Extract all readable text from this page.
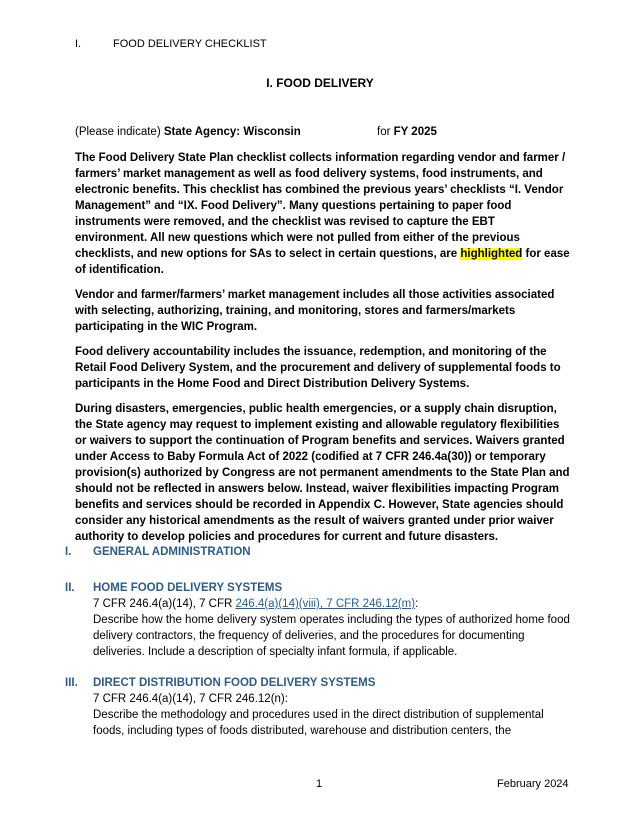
I.	FOOD DELIVERY CHECKLIST
I. FOOD DELIVERY
(Please indicate) State Agency: Wisconsin	for FY 2025

The Food Delivery State Plan checklist collects information regarding vendor and farmer / farmers’ market management as well as food delivery systems, food instruments, and electronic benefits. This checklist has combined the previous years’ checklists “I. Vendor Management” and “IX. Food Delivery”. Many questions pertaining to paper food instruments were removed, and the checklist was revised to capture the EBT environment. All new questions which were not pulled from either of the previous checklists, and new options for SAs to select in certain questions, are highlighted for ease of identification.

Vendor and farmer/farmers’ market management includes all those activities associated with selecting, authorizing, training, and monitoring, stores and farmers/markets participating in the WIC Program.

Food delivery accountability includes the issuance, redemption, and monitoring of the Retail Food Delivery System, and the procurement and delivery of supplemental foods to participants in the Home Food and Direct Distribution Delivery Systems.

During disasters, emergencies, public health emergencies, or a supply chain disruption, the State agency may request to implement existing and allowable regulatory flexibilities or waivers to support the continuation of Program benefits and services. Waivers granted under Access to Baby Formula Act of 2022 (codified at 7 CFR 246.4a(30)) or temporary provision(s) authorized by Congress are not permanent amendments to the State Plan and should not be reflected in answers below. Instead, waiver flexibilities impacting Program benefits and services should be recorded in Appendix C. However, State agencies should consider any historical amendments as the result of waivers granted under prior waiver authority to develop policies and procedures for current and future disasters.

I. GENERAL ADMINISTRATION
II. HOME FOOD DELIVERY SYSTEMS
7 CFR 246.4(a)(14), 7 CFR 246.4(a)(14)(viii), 7 CFR 246.12(m):
Describe how the home delivery system operates including the types of authorized home food delivery contractors, the frequency of deliveries, and the procedures for documenting deliveries. Include a description of specialty infant formula, if applicable.
III. DIRECT DISTRIBUTION FOOD DELIVERY SYSTEMS
7 CFR 246.4(a)(14), 7 CFR 246.12(n):
Describe the methodology and procedures used in the direct distribution of supplemental foods, including types of foods distributed, warehouse and distribution centers, the
1	February 2024
